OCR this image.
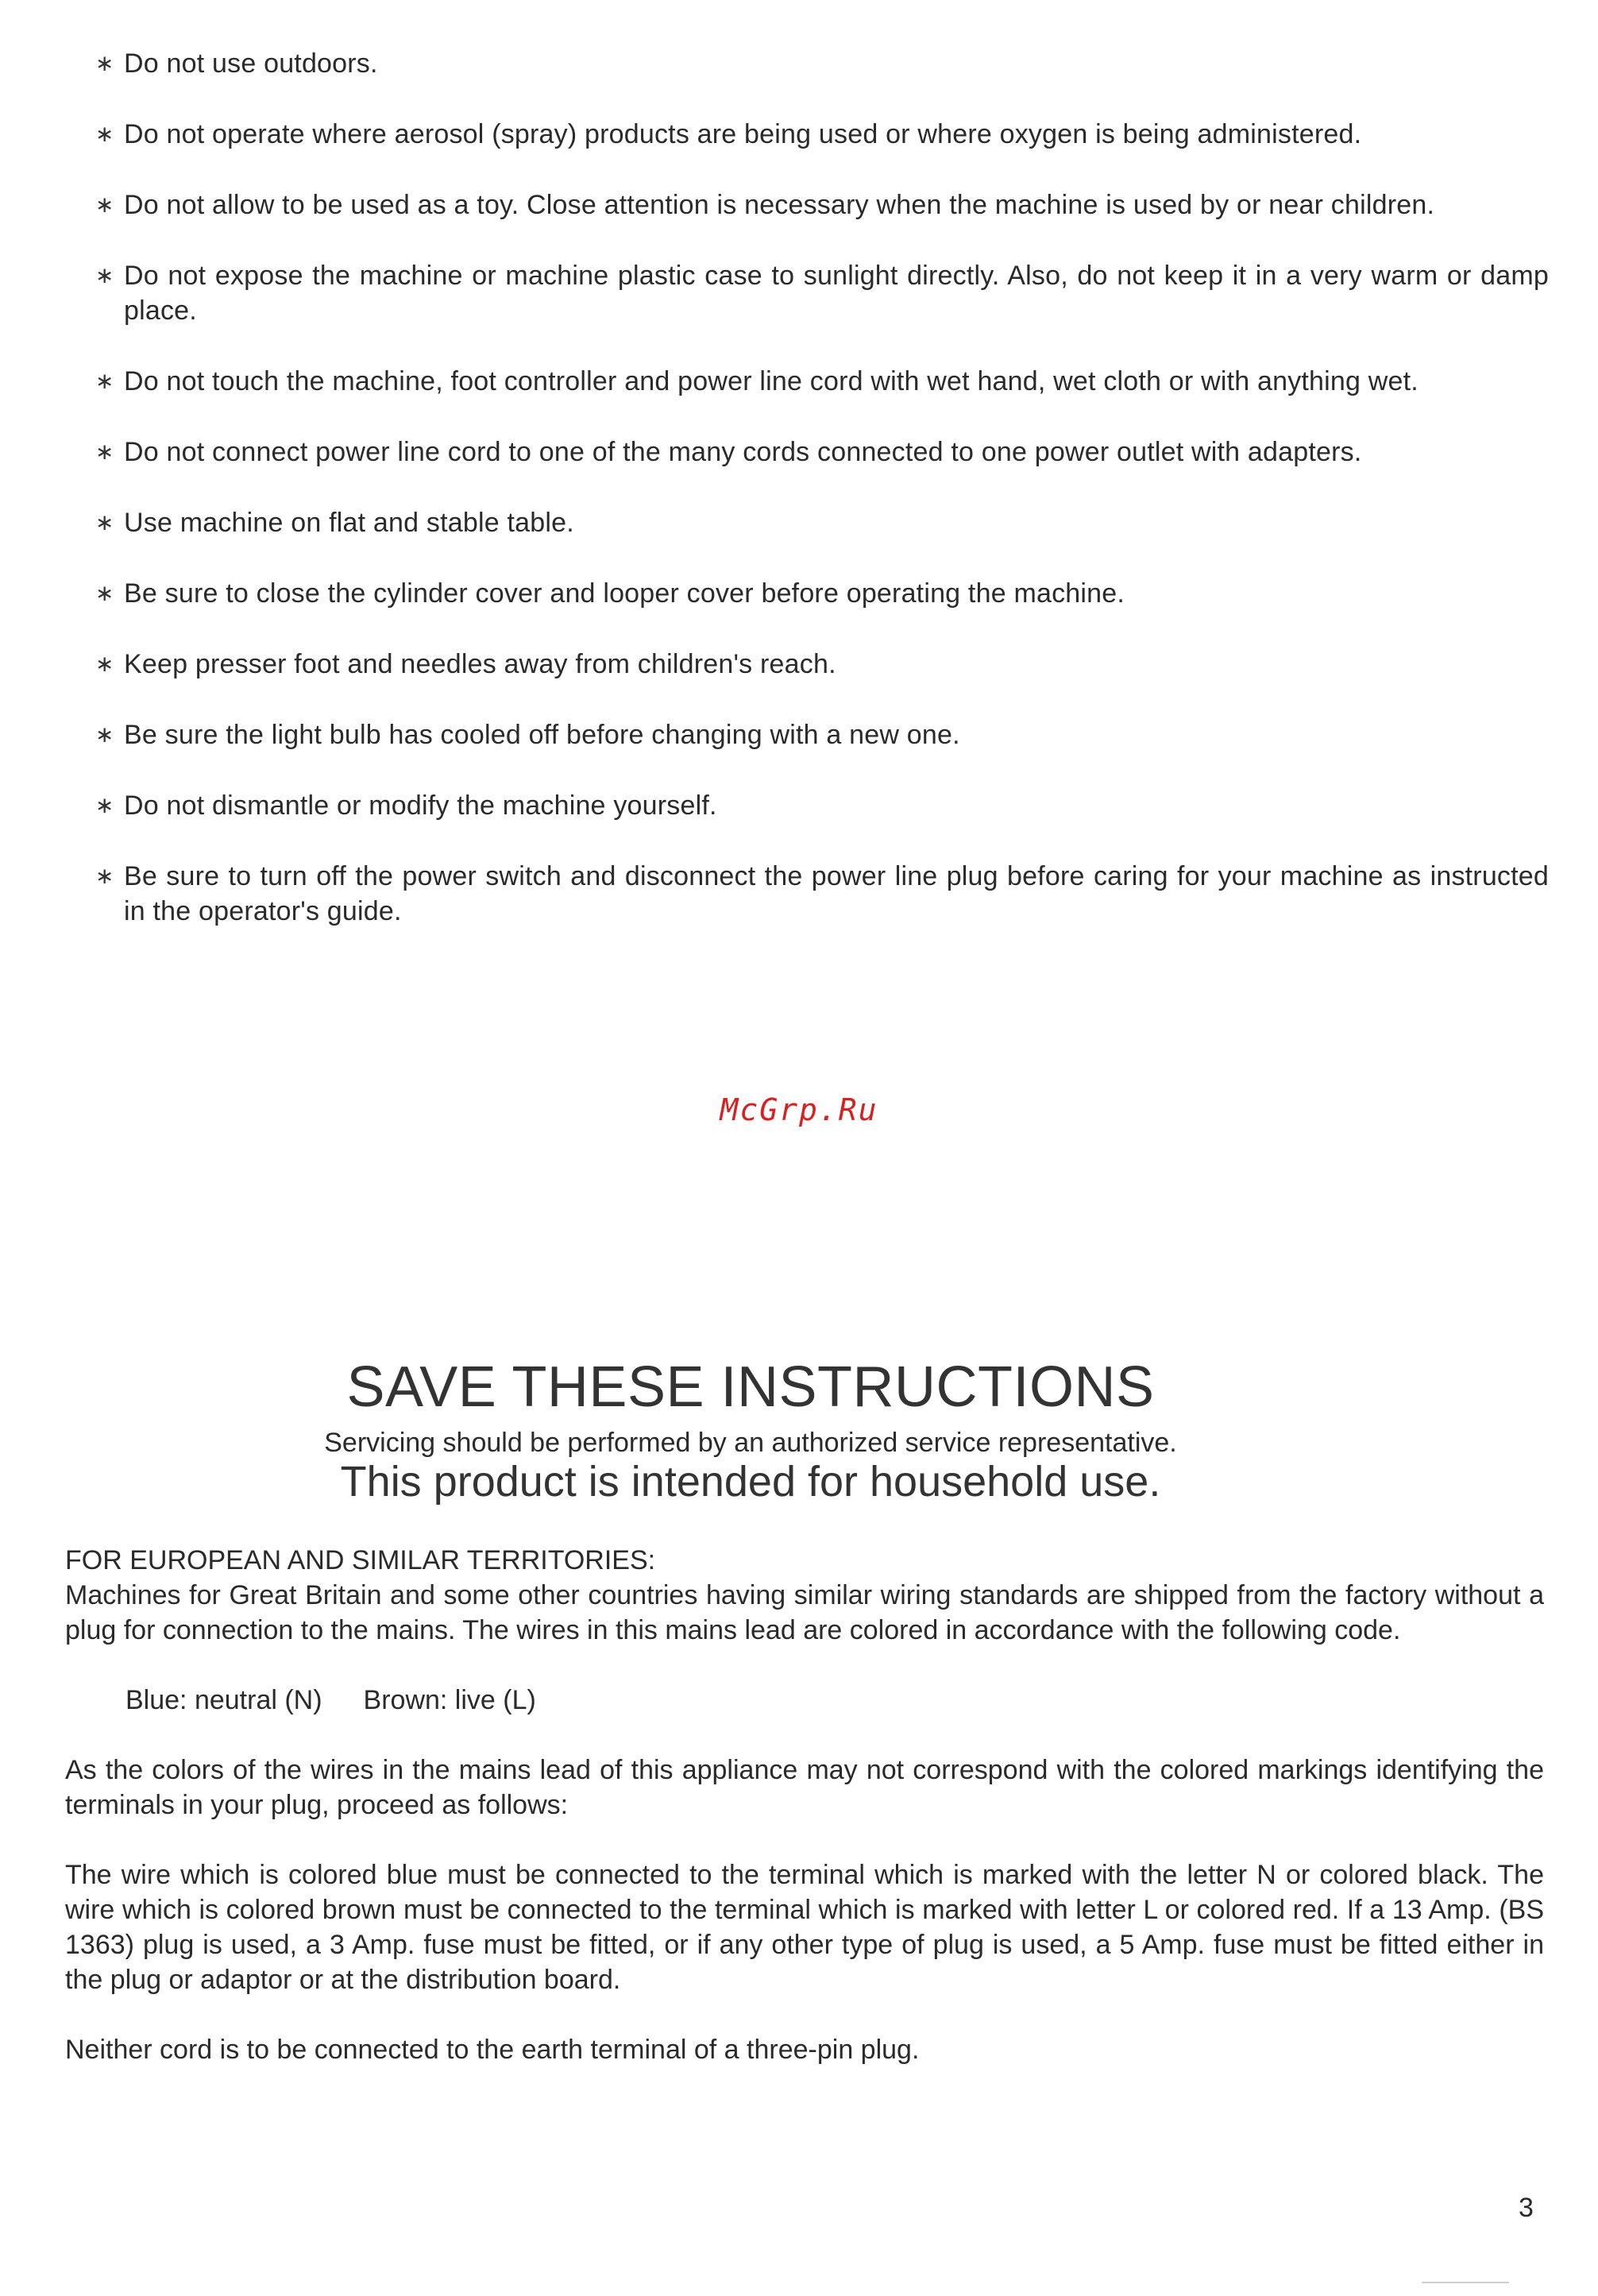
∗ Do not use outdoors.
∗ Do not operate where aerosol (spray) products are being used or where oxygen is being administered.
∗ Do not allow to be used as a toy. Close attention is necessary when the machine is used by or near children.
∗ Do not expose the machine or machine plastic case to sunlight directly. Also, do not keep it in a very warm or damp place.
∗ Do not touch the machine, foot controller and power line cord with wet hand, wet cloth or with anything wet.
∗ Do not connect power line cord to one of the many cords connected to one power outlet with adapters.
∗ Use machine on flat and stable table.
∗ Be sure to close the cylinder cover and looper cover before operating the machine.
∗ Keep presser foot and needles away from children's reach.
∗ Be sure the light bulb has cooled off before changing with a new one.
∗ Do not dismantle or modify the machine yourself.
∗ Be sure to turn off the power switch and disconnect the power line plug before caring for your machine as instructed in the operator's guide.
McGrp.Ru
SAVE THESE INSTRUCTIONS
Servicing should be performed by an authorized service representative.
This product is intended for household use.

FOR EUROPEAN AND SIMILAR TERRITORIES:

Machines for Great Britain and some other countries having similar wiring standards are shipped from the factory without a plug for connection to the mains. The wires in this mains lead are colored in accordance with the following code.

Blue: neutral (N) Brown: live (L)

As the colors of the wires in the mains lead of this appliance may not correspond with the colored markings identifying the terminals in your plug, proceed as follows:

The wire which is colored blue must be connected to the terminal which is marked with the letter N or colored black. The wire which is colored brown must be connected to the terminal which is marked with letter L or colored red. If a 13 Amp. (BS 1363) plug is used, a 3 Amp. fuse must be fitted, or if any other type of plug is used, a 5 Amp. fuse must be fitted either in the plug or adaptor or at the distribution board.

Neither cord is to be connected to the earth terminal of a three-pin plug.

3
